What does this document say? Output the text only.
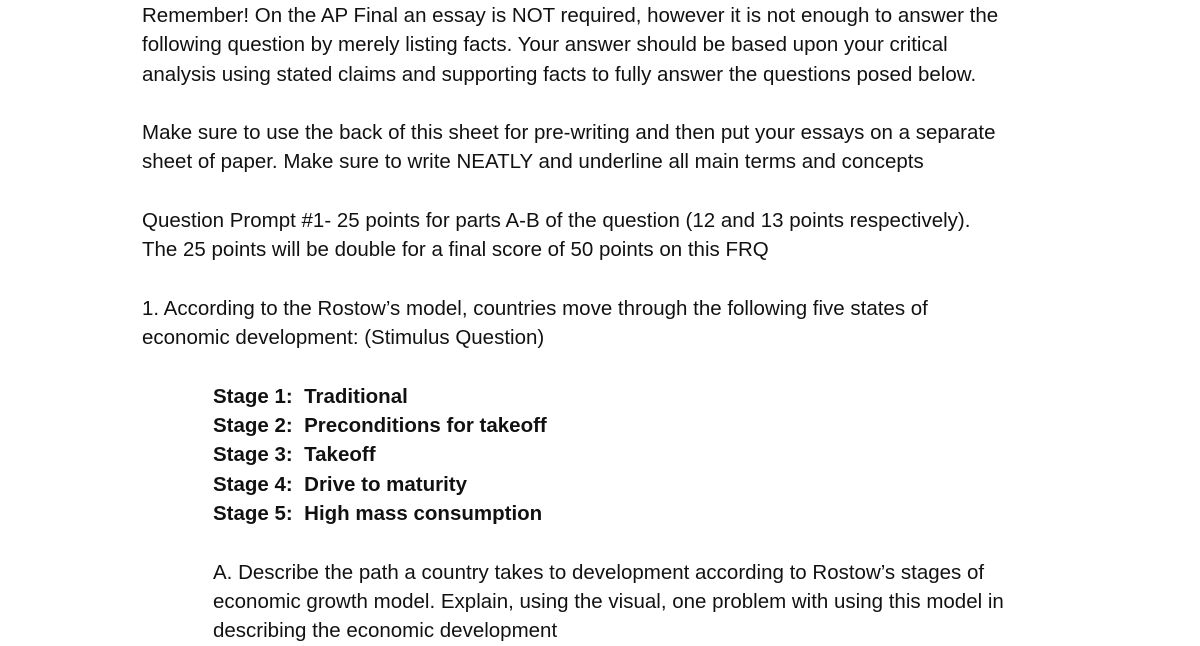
Remember! On the AP Final an essay is NOT required, however it is not enough to answer the

following question by merely listing facts. Your answer should be based upon your critical

analysis using stated claims and supporting facts to fully answer the questions posed below.

Make sure to use the back of this sheet for pre-writing and then put your essays on a separate

sheet of paper. Make sure to write NEATLY and underline all main terms and concepts

Question Prompt #1- 25 points for parts A-B of the question (12 and 13 points respectively).

The 25 points will be double for a final score of 50 points on this FRQ

1. According to the Rostow’s model, countries move through the following five states of

economic development: (Stimulus Question)

Stage 1:  Traditional
Stage 2:  Preconditions for takeoff
Stage 3:  Takeoff
Stage 4:  Drive to maturity
Stage 5:  High mass consumption

A. Describe the path a country takes to development according to Rostow’s stages of

economic growth model. Explain, using the visual, one problem with using this model in

describing the economic development
